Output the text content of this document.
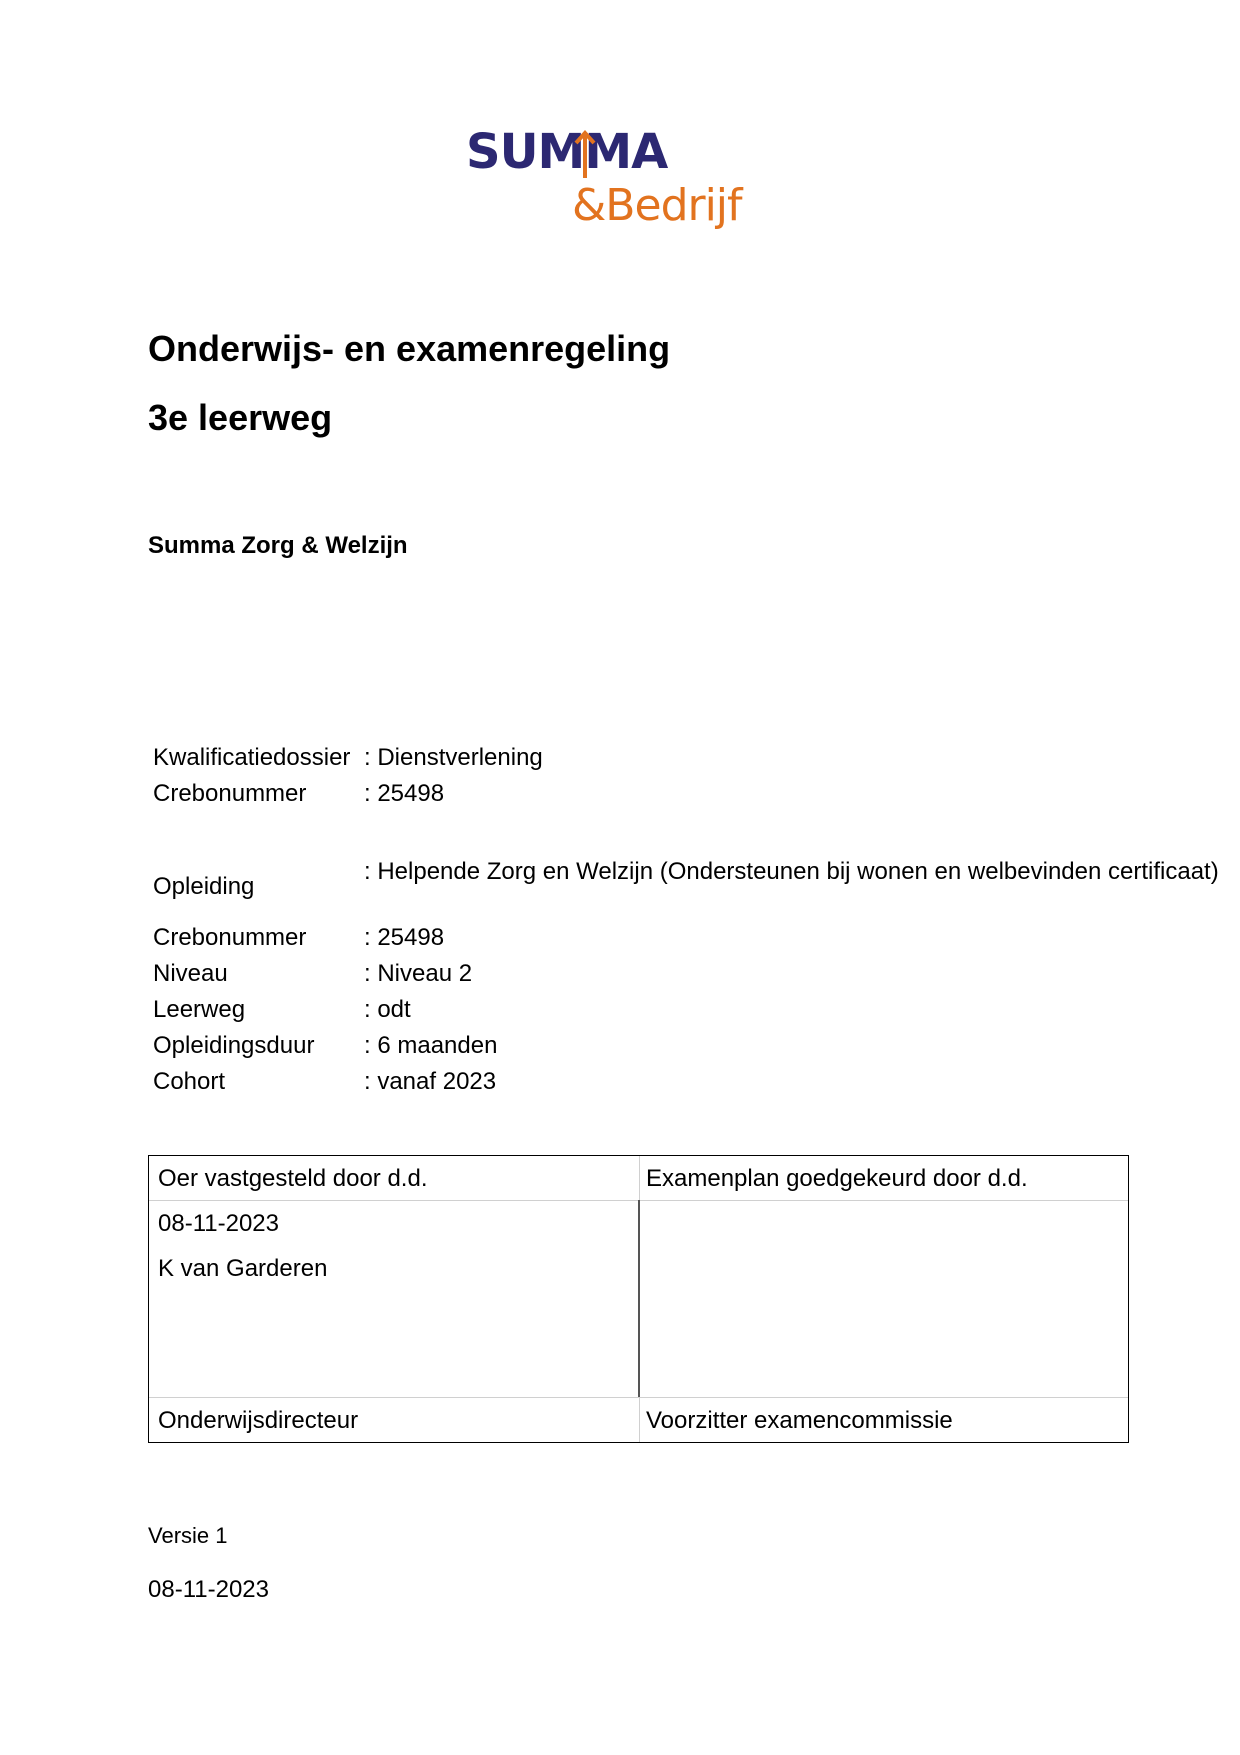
SUMMA
&Bedrijf
Onderwijs- en examenregeling
3e leerweg
Summa Zorg & Welzijn
Kwalificatiedossier : Dienstverlening
Crebonummer : 25498
Opleiding
: Helpende Zorg en Welzijn (Ondersteunen bij wonen en welbevinden certificaat)
Crebonummer : 25498
Niveau	: Niveau 2
Leerweg	: odt
Opleidingsduur : 6 maanden
Cohort	: vanaf 2023
Oer vastgesteld door d.d.	Examenplan goedgekeurd door d.d.
08-11-2023
K van Garderen
Onderwijsdirecteur	Voorzitter examencommissie
Versie 1
08-11-2023
